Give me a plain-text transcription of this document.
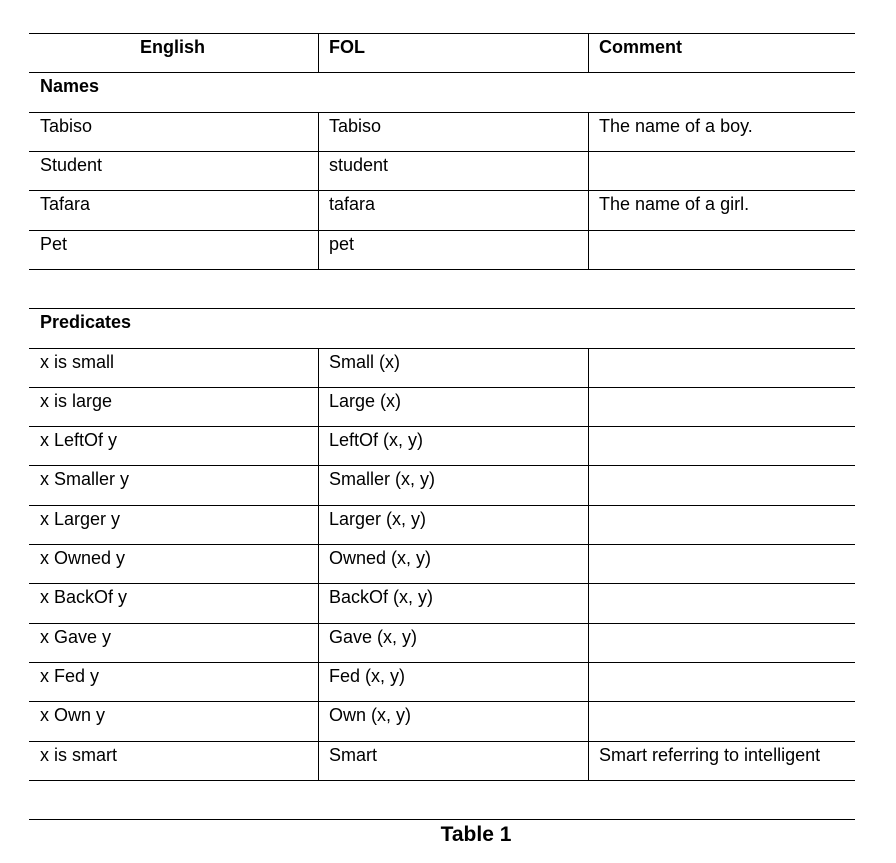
English	FOL	Comment
Names
Tabiso	Tabiso	The name of a boy.
Student	student
Tafara	tafara	The name of a girl.
Pet	pet
Predicates
x is small	Small (x)
x is large	Large (x)
x LeftOf y	LeftOf (x, y)
x Smaller y	Smaller (x, y)
x Larger y	Larger (x, y)
x Owned y	Owned (x, y)
x BackOf y	BackOf (x, y)
x Gave y	Gave (x, y)
x Fed y	Fed (x, y)
x Own y	Own (x, y)
x is smart	Smart	Smart referring to intelligent
Table 1
